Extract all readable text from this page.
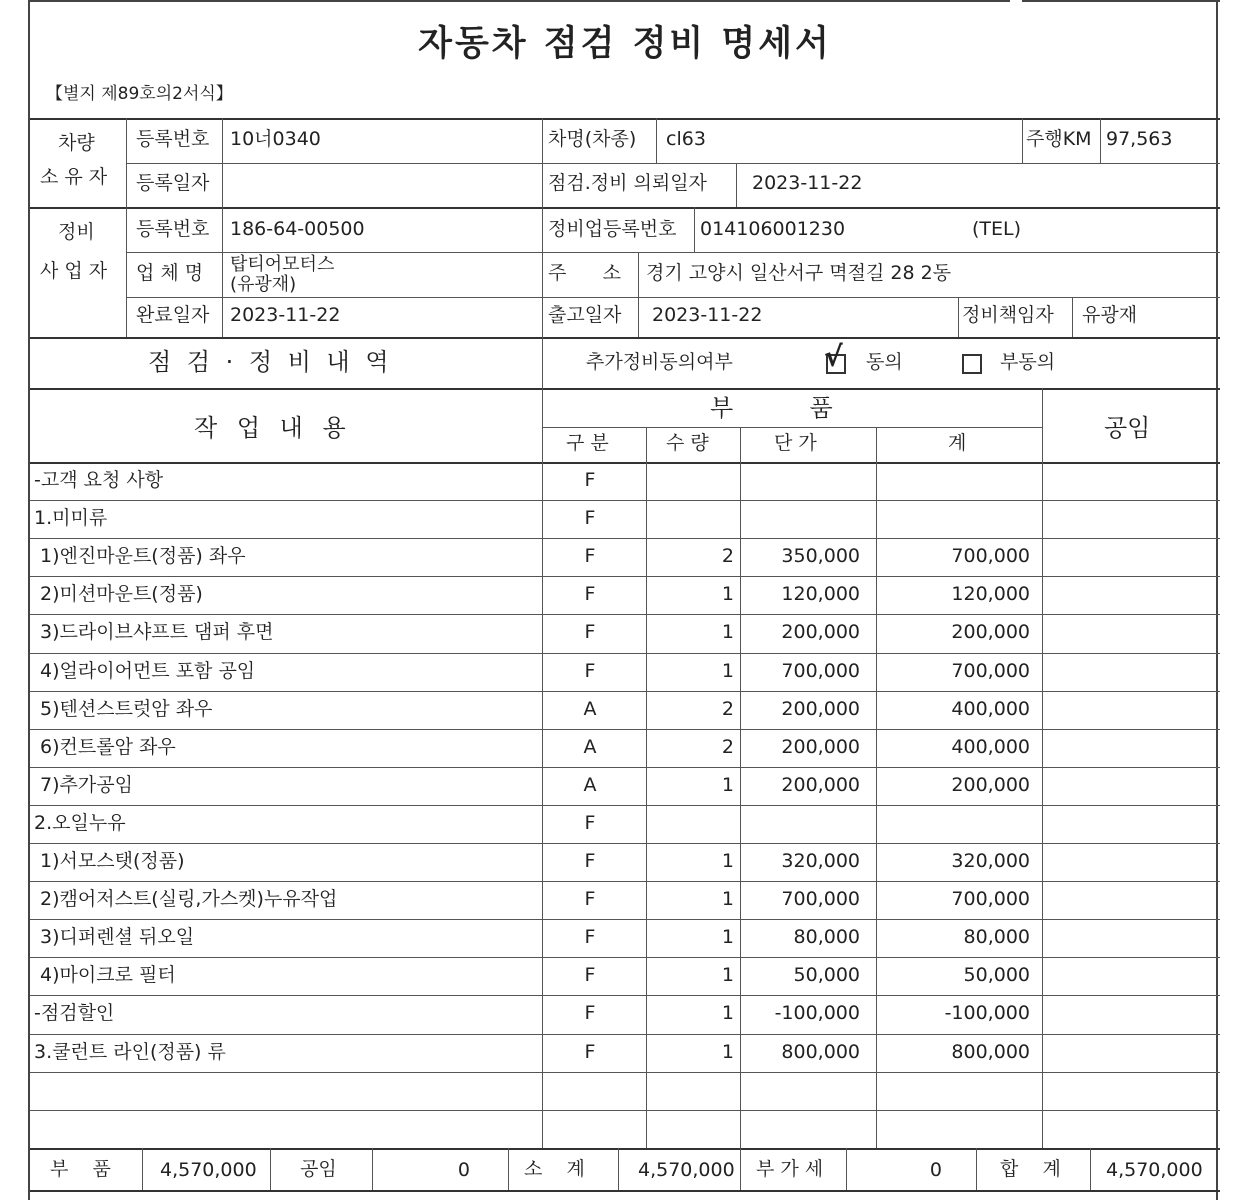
자동차 점검 정비 명세서
【별지 제89호의2서식】
차량
소 유 자
등록번호 10너0340	차명(차종) cl63	주행KM 97,563
등록일자	점검.정비 의뢰일자 2023-11-22
정비
사 업 자
등록번호 186-64-00500	정비업등록번호 014106001230	(TEL)
업 체 명 탑티어모터스
(유광재)
주      소 경기 고양시 일산서구 멱절길 28 2동
완료일자 2023-11-22	출고일자 2023-11-22	정비책임자 유광재
점 검 · 정 비 내 역	추가정비동의여부	√ 동의	부동의
작 업 내 용
부          품
공임
구 분	수 량	단 가	계
-고객 요청 사항	F
1.미미류	F
1)엔진마운트(정품) 좌우	F	2	350,000	700,000
2)미션마운트(정품)	F	1	120,000	120,000
3)드라이브샤프트 댐퍼 후면	F	1	200,000	200,000
4)얼라이어먼트 포함 공임	F	1	700,000	700,000
5)텐션스트럿암 좌우	A	2	200,000	400,000
6)컨트롤암 좌우	A	2	200,000	400,000
7)추가공임	A	1	200,000	200,000
2.오일누유	F
1)서모스탯(정품)	F	1	320,000	320,000
2)캠어저스트(실링,가스켓)누유작업	F	1	700,000	700,000
3)디퍼렌셜 뒤오일	F	1	80,000	80,000
4)마이크로 필터	F	1	50,000	50,000
-점검할인	F	1	-100,000	-100,000
3.쿨런트 라인(정품) 류	F	1	800,000	800,000
부    품	4,570,000 공임	0	소    계	4,570,000 부 가 세	0	합    계 4,570,000
